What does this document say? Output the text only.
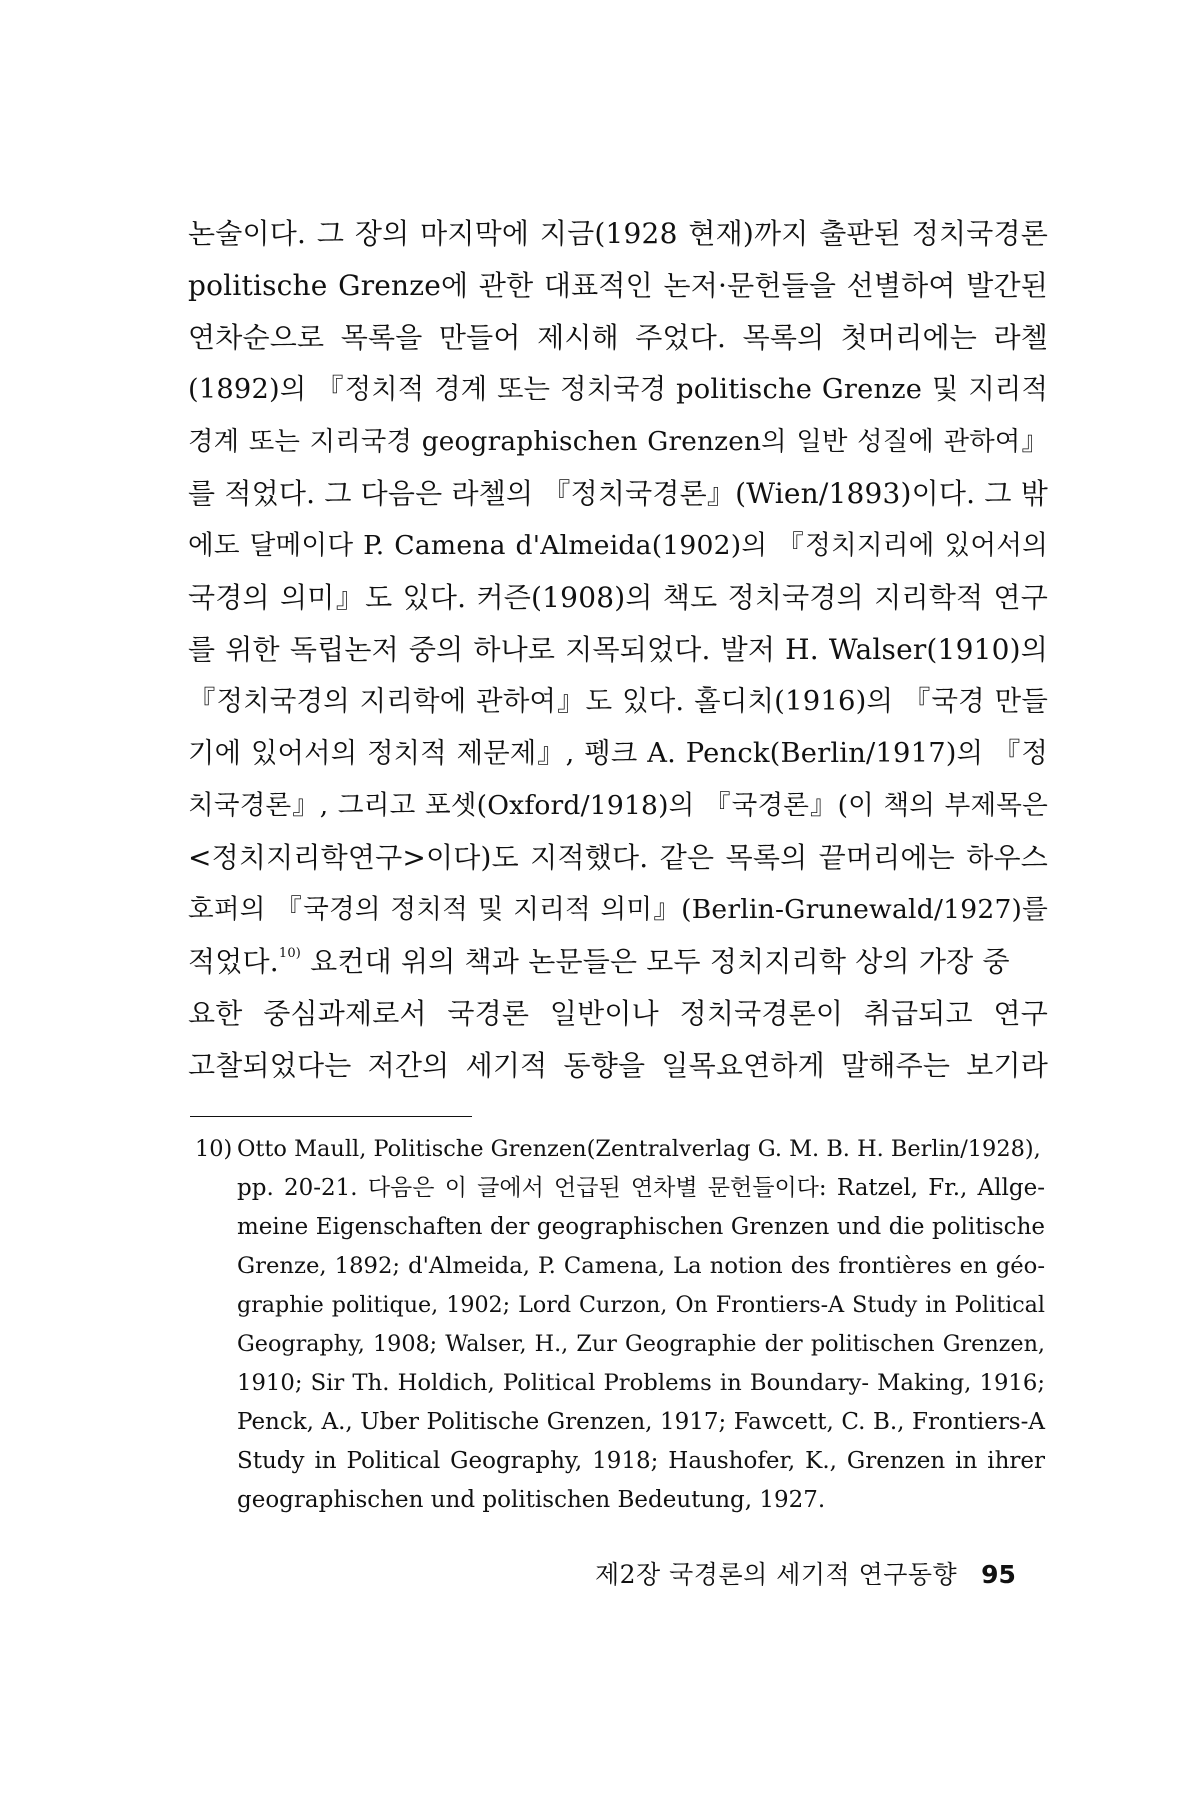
논술이다. 그 장의 마지막에 지금(1928 현재)까지 출판된 정치국경론
politische Grenze에 관한 대표적인 논저·문헌들을 선별하여 발간된
연차순으로 목록을 만들어 제시해 주었다. 목록의 첫머리에는 라첼
(1892)의 『정치적 경계 또는 정치국경 politische Grenze 및 지리적
경계 또는 지리국경 geographischen Grenzen의 일반 성질에 관하여』
를 적었다. 그 다음은 라첼의 『정치국경론』(Wien/1893)이다. 그 밖
에도 달메이다 P. Camena d'Almeida(1902)의 『정치지리에 있어서의
국경의 의미』도 있다. 커즌(1908)의 책도 정치국경의 지리학적 연구
를 위한 독립논저 중의 하나로 지목되었다. 발저 H. Walser(1910)의
『정치국경의 지리학에 관하여』도 있다. 홀디치(1916)의 『국경 만들
기에 있어서의 정치적 제문제』, 펭크 A. Penck(Berlin/1917)의 『정
치국경론』, 그리고 포셋(Oxford/1918)의 『국경론』(이 책의 부제목은
<정치지리학연구>이다)도 지적했다. 같은 목록의 끝머리에는 하우스
호퍼의 『국경의 정치적 및 지리적 의미』(Berlin-Grunewald/1927)를
적었다.$^{10)}$ 요컨대 위의 책과 논문들은 모두 정치지리학 상의 가장 중
요한 중심과제로서 국경론 일반이나 정치국경론이 취급되고 연구
고찰되었다는 저간의 세기적 동향을 일목요연하게 말해주는 보기라
10) Otto Maull, Politische Grenzen(Zentralverlag G. M. B. H. Berlin/1928),
pp. 20-21. 다음은 이 글에서 언급된 연차별 문헌들이다: Ratzel, Fr., Allge-
meine Eigenschaften der geographischen Grenzen und die politische
Grenze, 1892; d'Almeida, P. Camena, La notion des frontières en géo-
graphie politique, 1902; Lord Curzon, On Frontiers-A Study in Political
Geography, 1908; Walser, H., Zur Geographie der politischen Grenzen,
1910; Sir Th. Holdich, Political Problems in Boundary- Making, 1916;
Penck, A., Uber Politische Grenzen, 1917; Fawcett, C. B., Frontiers-A
Study in Political Geography, 1918; Haushofer, K., Grenzen in ihrer
geographischen und politischen Bedeutung, 1927.
제2장 국경론의 세기적 연구동향 95
